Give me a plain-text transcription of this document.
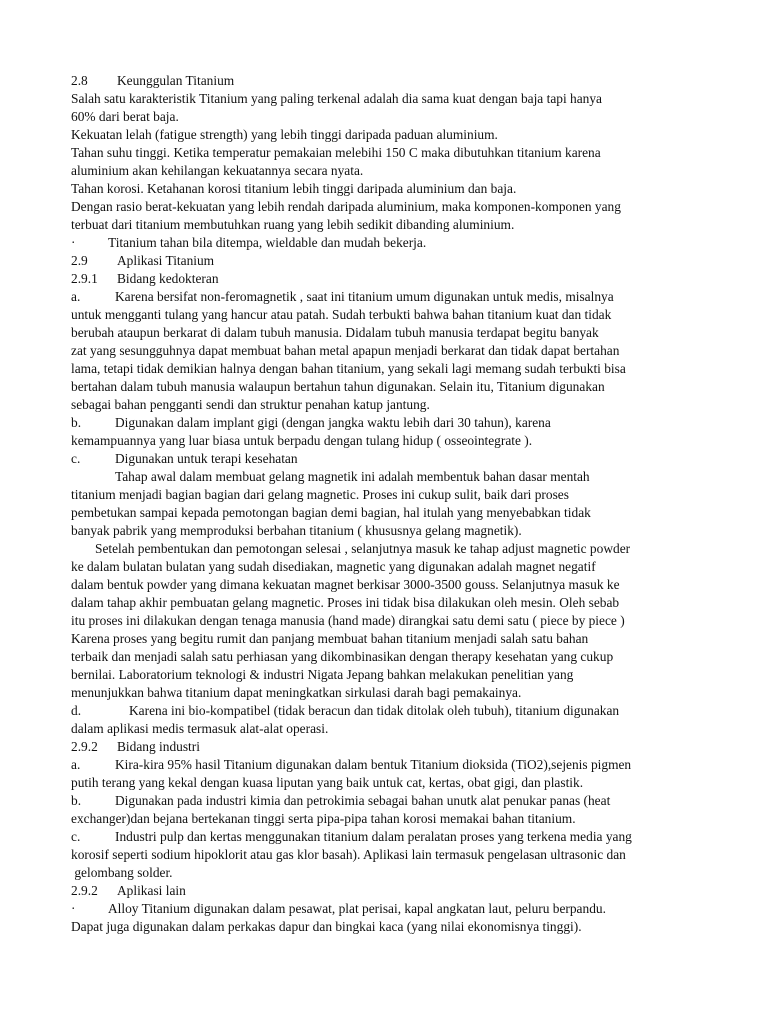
2.8 Keunggulan Titanium
Salah satu karakteristik Titanium yang paling terkenal adalah dia sama kuat dengan baja tapi hanya
60% dari berat baja.
Kekuatan lelah (fatigue strength) yang lebih tinggi daripada paduan aluminium.
Tahan suhu tinggi. Ketika temperatur pemakaian melebihi 150 C maka dibutuhkan titanium karena
aluminium akan kehilangan kekuatannya secara nyata.
Tahan korosi. Ketahanan korosi titanium lebih tinggi daripada aluminium dan baja.
Dengan rasio berat-kekuatan yang lebih rendah daripada aluminium, maka komponen-komponen yang
terbuat dari titanium membutuhkan ruang yang lebih sedikit dibanding aluminium.
· Titanium tahan bila ditempa, wieldable dan mudah bekerja.
2.9 Aplikasi Titanium
2.9.1 Bidang kedokteran
a.	Karena bersifat non-feromagnetik , saat ini titanium umum digunakan untuk medis, misalnya
untuk mengganti tulang yang hancur atau patah. Sudah terbukti bahwa bahan titanium kuat dan tidak
berubah ataupun berkarat di dalam tubuh manusia. Didalam tubuh manusia terdapat begitu banyak
zat yang sesungguhnya dapat membuat bahan metal apapun menjadi berkarat dan tidak dapat bertahan
lama, tetapi tidak demikian halnya dengan bahan titanium, yang sekali lagi memang sudah terbukti bisa
bertahan dalam tubuh manusia walaupun bertahun tahun digunakan. Selain itu, Titanium digunakan
sebagai bahan pengganti sendi dan struktur penahan katup jantung.
b.	Digunakan dalam implant gigi (dengan jangka waktu lebih dari 30 tahun), karena
kemampuannya yang luar biasa untuk berpadu dengan tulang hidup ( osseointegrate ).
c.	Digunakan untuk terapi kesehatan
Tahap awal dalam membuat gelang magnetik ini adalah membentuk bahan dasar mentah
titanium menjadi bagian bagian dari gelang magnetic. Proses ini cukup sulit, baik dari proses
pembetukan sampai kepada pemotongan bagian demi bagian, hal itulah yang menyebabkan tidak
banyak pabrik yang memproduksi berbahan titanium ( khususnya gelang magnetik).
Setelah pembentukan dan pemotongan selesai , selanjutnya masuk ke tahap adjust magnetic powder
ke dalam bulatan bulatan yang sudah disediakan, magnetic yang digunakan adalah magnet negatif
dalam bentuk powder yang dimana kekuatan magnet berkisar 3000-3500 gouss. Selanjutnya masuk ke
dalam tahap akhir pembuatan gelang magnetic. Proses ini tidak bisa dilakukan oleh mesin. Oleh sebab
itu proses ini dilakukan dengan tenaga manusia (hand made) dirangkai satu demi satu ( piece by piece )
Karena proses yang begitu rumit dan panjang membuat bahan titanium menjadi salah satu bahan
terbaik dan menjadi salah satu perhiasan yang dikombinasikan dengan therapy kesehatan yang cukup
bernilai. Laboratorium teknologi & industri Nigata Jepang bahkan melakukan penelitian yang
menunjukkan bahwa titanium dapat meningkatkan sirkulasi darah bagi pemakainya.
d.	Karena ini bio-kompatibel (tidak beracun dan tidak ditolak oleh tubuh), titanium digunakan
dalam aplikasi medis termasuk alat-alat operasi.
2.9.2 Bidang industri
a.	Kira-kira 95% hasil Titanium digunakan dalam bentuk Titanium dioksida (TiO2),sejenis pigmen
putih terang yang kekal dengan kuasa liputan yang baik untuk cat, kertas, obat gigi, dan plastik.
b.	Digunakan pada industri kimia dan petrokimia sebagai bahan unutk alat penukar panas (heat
exchanger)dan bejana bertekanan tinggi serta pipa-pipa tahan korosi memakai bahan titanium.
c.	Industri pulp dan kertas menggunakan titanium dalam peralatan proses yang terkena media yang
korosif seperti sodium hipoklorit atau gas klor basah). Aplikasi lain termasuk pengelasan ultrasonic dan
gelombang solder.
2.9.2 Aplikasi lain
· Alloy Titanium digunakan dalam pesawat, plat perisai, kapal angkatan laut, peluru berpandu.
Dapat juga digunakan dalam perkakas dapur dan bingkai kaca (yang nilai ekonomisnya tinggi).
